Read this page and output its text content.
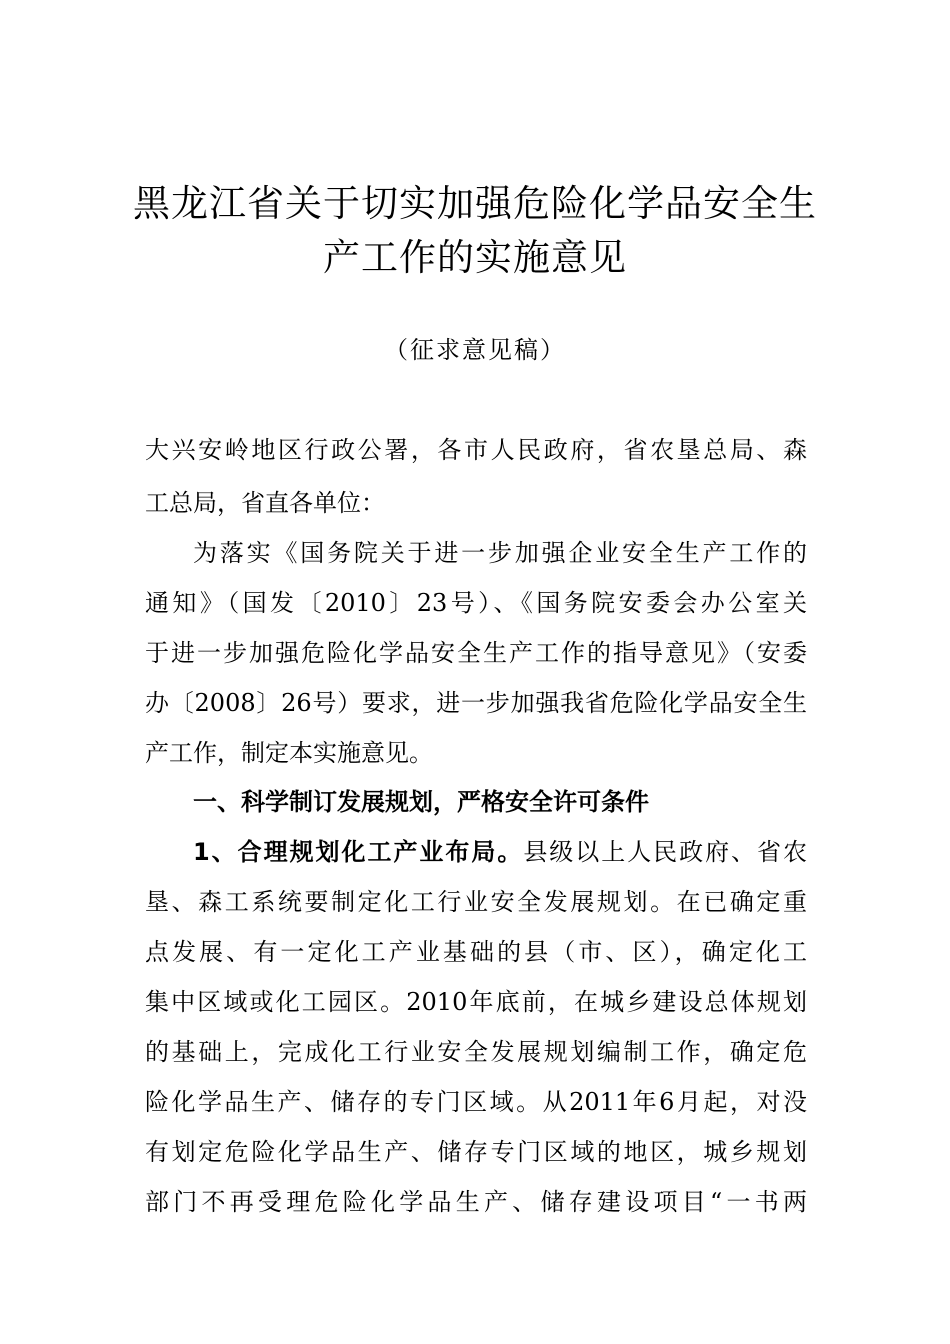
黑龙江省关于切实加强危险化学品安全生
产工作的实施意见
（征求意见稿）
大兴安岭地区行政公署，各市人民政府，省农垦总局、森
工总局，省直各单位：
为落实《国务院关于进一步加强企业安全生产工作的
通知》（国发〔2010〕23号）、《国务院安委会办公室关
于进一步加强危险化学品安全生产工作的指导意见》（安委
办〔2008〕26号）要求，进一步加强我省危险化学品安全生
产工作，制定本实施意见。
一、科学制订发展规划，严格安全许可条件
1、合理规划化工产业布局。县级以上人民政府、省农
垦、森工系统要制定化工行业安全发展规划。在已确定重
点发展、有一定化工产业基础的县（市、区），确定化工
集中区域或化工园区。2010年底前，在城乡建设总体规划
的基础上，完成化工行业安全发展规划编制工作，确定危
险化学品生产、储存的专门区域。从2011年6月起，对没
有划定危险化学品生产、储存专门区域的地区，城乡规划
部门不再受理危险化学品生产、储存建设项目“一书两
